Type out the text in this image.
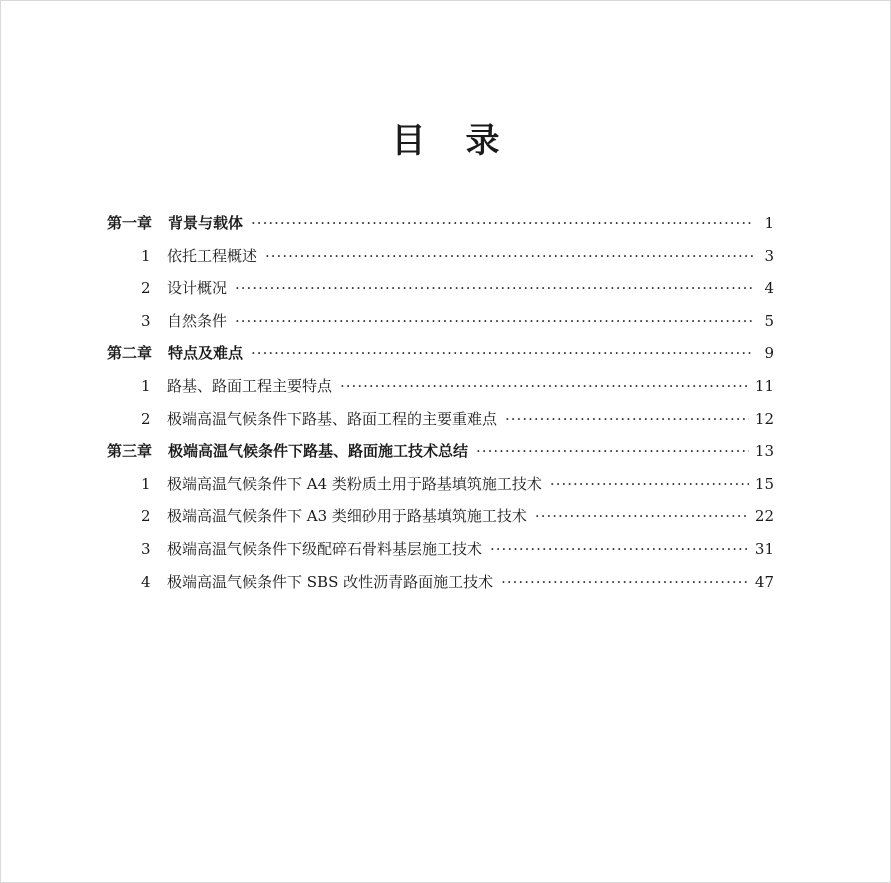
目 录
第一章 背景与载体 ·····	1
1	依托工程概述 ·····	3
2	设计概况 ·····	4
3	自然条件 ·····	5
第二章 特点及难点 ·····	9
1	路基、路面工程主要特点 ·····	11
2	极端高温气候条件下路基、路面工程的主要重难点 ·····	12
第三章 极端高温气候条件下路基、路面施工技术总结 ·····	13
1	极端高温气候条件下 A4 类粉质土用于路基填筑施工技术 ·····	15
2	极端高温气候条件下 A3 类细砂用于路基填筑施工技术 ·····	22
3	极端高温气候条件下级配碎石骨料基层施工技术 ·····	31
4	极端高温气候条件下 SBS 改性沥青路面施工技术 ·····	47
